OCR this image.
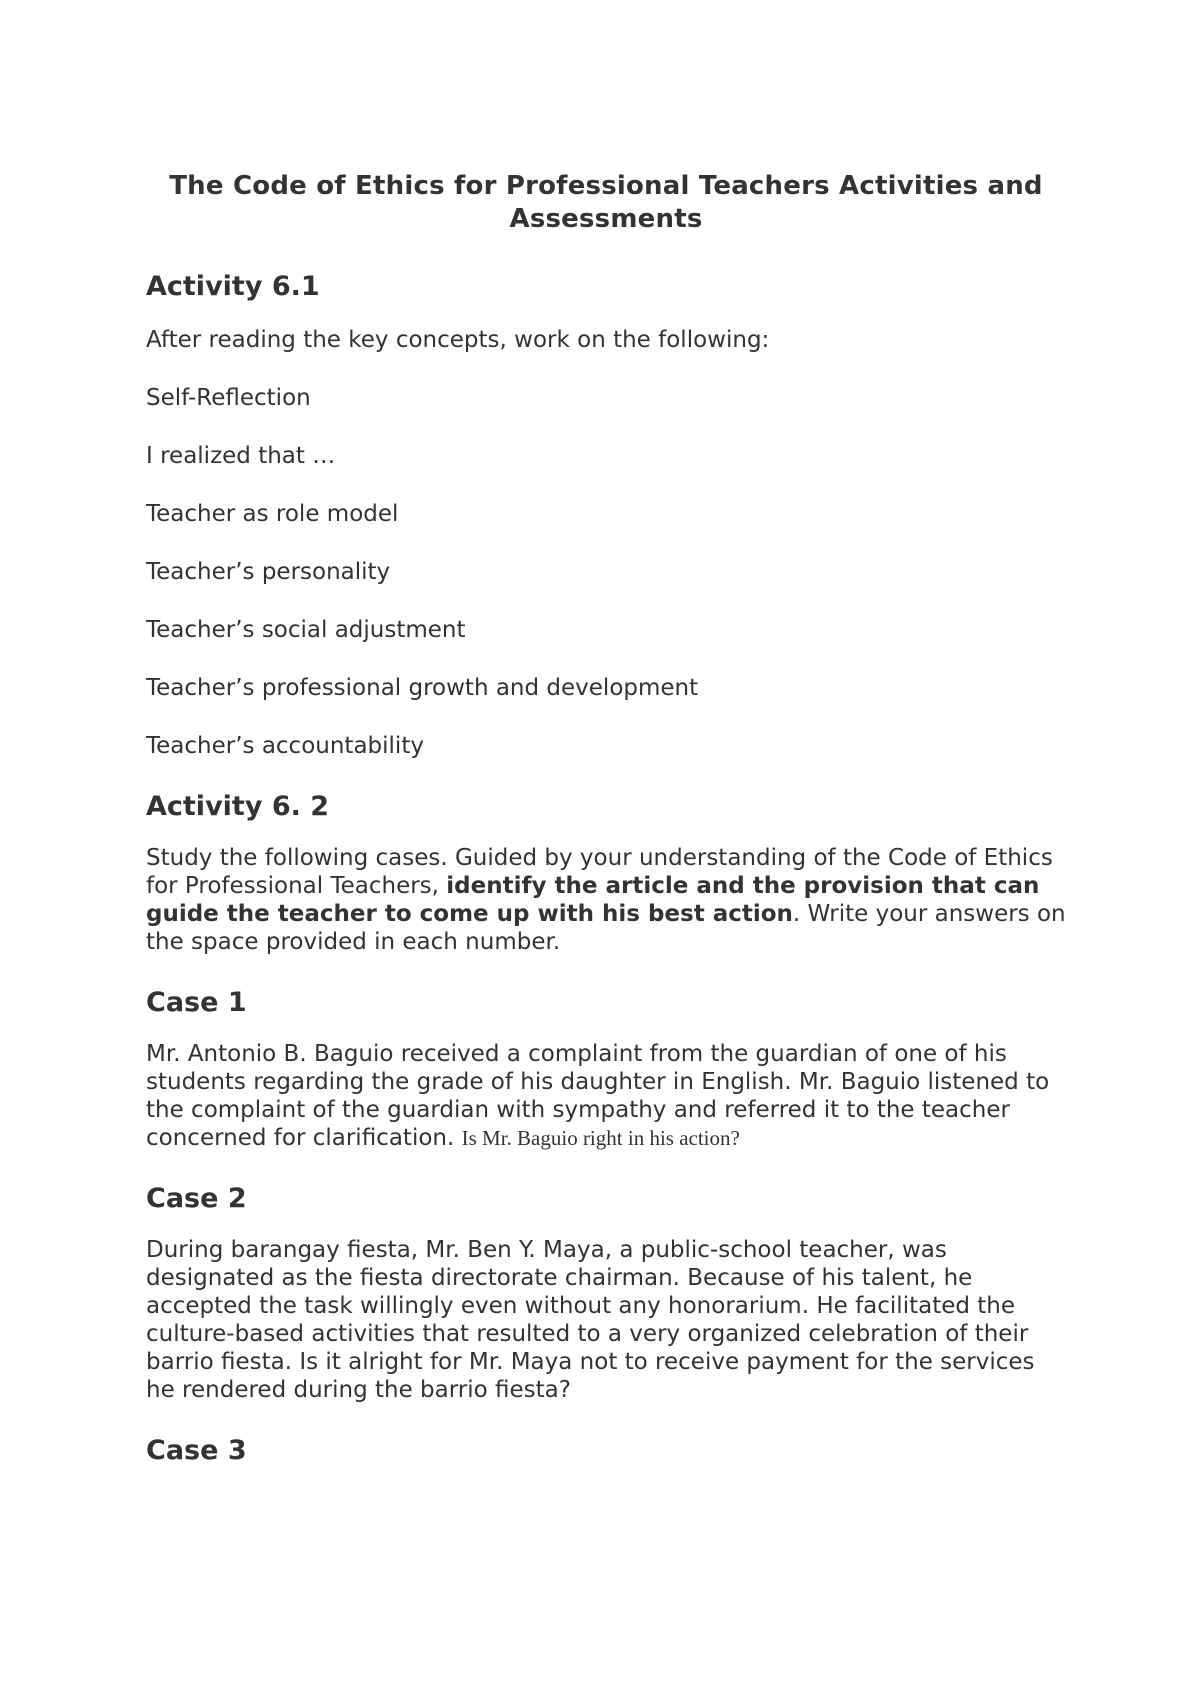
The Code of Ethics for Professional Teachers Activities and Assessments
Activity 6.1

After reading the key concepts, work on the following:

Self-Reflection

I realized that …

Teacher as role model

Teacher’s personality

Teacher’s social adjustment

Teacher’s professional growth and development

Teacher’s accountability

Activity 6. 2

Study the following cases. Guided by your understanding of the Code of Ethics for Professional Teachers, identify the article and the provision that can guide the teacher to come up with his best action. Write your answers on the space provided in each number.

Case 1

Mr. Antonio B. Baguio received a complaint from the guardian of one of his students regarding the grade of his daughter in English. Mr. Baguio listened to the complaint of the guardian with sympathy and referred it to the teacher concerned for clarification. Is Mr. Baguio right in his action?

Case 2

During barangay fiesta, Mr. Ben Y. Maya, a public-school teacher, was designated as the fiesta directorate chairman. Because of his talent, he accepted the task willingly even without any honorarium. He facilitated the culture-based activities that resulted to a very organized celebration of their barrio fiesta. Is it alright for Mr. Maya not to receive payment for the services he rendered during the barrio fiesta?

Case 3
